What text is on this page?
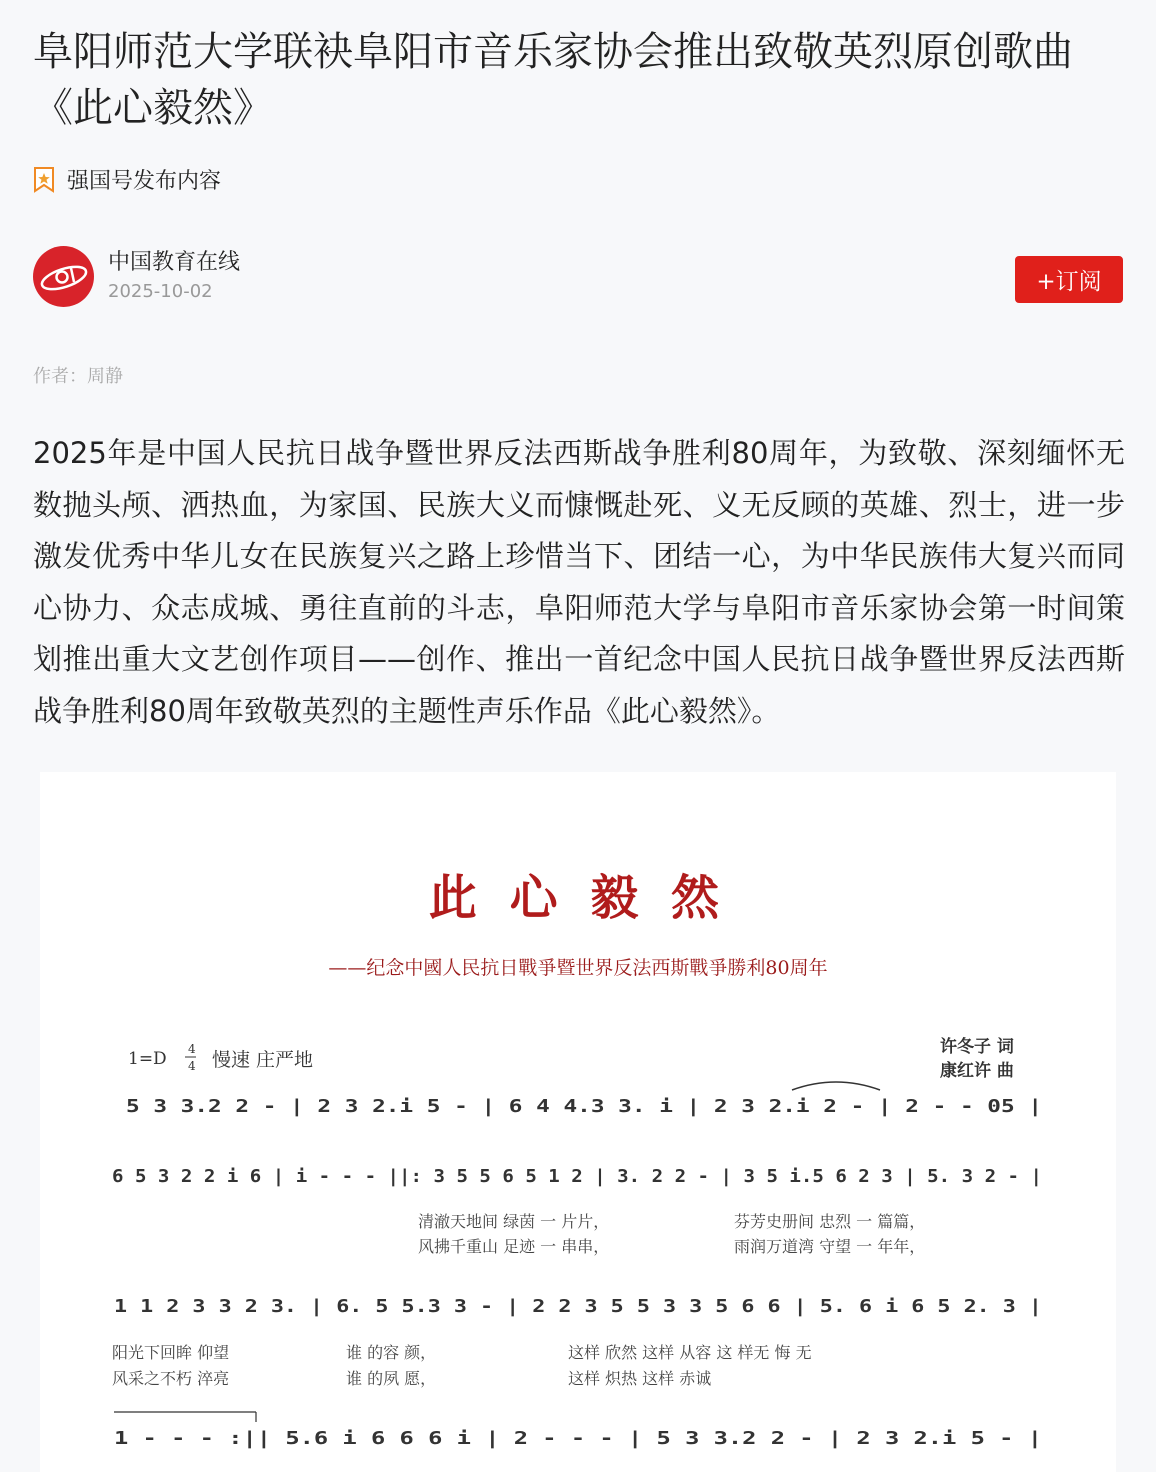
阜阳师范大学联袂阜阳市音乐家协会推出致敬英烈原创歌曲《此心毅然》
强国号发布内容
中国教育在线
2025-10-02	+订阅
作者：周静

2025年是中国人民抗日战争暨世界反法西斯战争胜利80周年，为致敬、深刻缅怀无数抛头颅、洒热血，为家国、民族大义而慷慨赴死、义无反顾的英雄、烈士，进一步激发优秀中华儿女在民族复兴之路上珍惜当下、团结一心，为中华民族伟大复兴而同心协力、众志成城、勇往直前的斗志，阜阳师范大学与阜阳市音乐家协会第一时间策划推出重大文艺创作项目——创作、推出一首纪念中国人民抗日战争暨世界反法西斯战争胜利80周年致敬英烈的主题性声乐作品《此心毅然》。

此 心 毅 然
——纪念中國人民抗日戰爭暨世界反法西斯戰爭勝利80周年
1=D 4
4 慢速 庄严地
许冬子 词
康红许 曲
5 3 3.2 2 - | 2 3 2.i 5 - | 6 4 4.3 3. i | 2 3 2.i 2 - | 2 - - 05 |
6 5 3 2 2 i 6 | i - - - ||: 3 5 5 6 5 1 2 | 3. 2 2 - | 3 5 i.5 6 2 3 | 5. 3 2 - |
1 1 2 3 3 2 3. | 6. 5 5.3 3 - | 2 2 3 5 5 3 3 5 6 6 | 5. 6 i 6 5 2. 3 |
1 - - - :|| 5.6 i 6 6 6 i | 2 - - - | 5 3 3.2 2 - | 2 3 2.i 5 - |
清澈天地间 绿茵 一 片片，	芬芳史册间 忠烈 一 篇篇，
风拂千重山 足迹 一 串串，	雨润万道湾 守望 一 年年，
阳光下回眸 仰望	谁 的容 颜，	这样 欣然 这样 从容 这 样无 悔 无
风采之不朽 淬亮	谁 的夙 愿，	这样 炽热 这样 赤诚
